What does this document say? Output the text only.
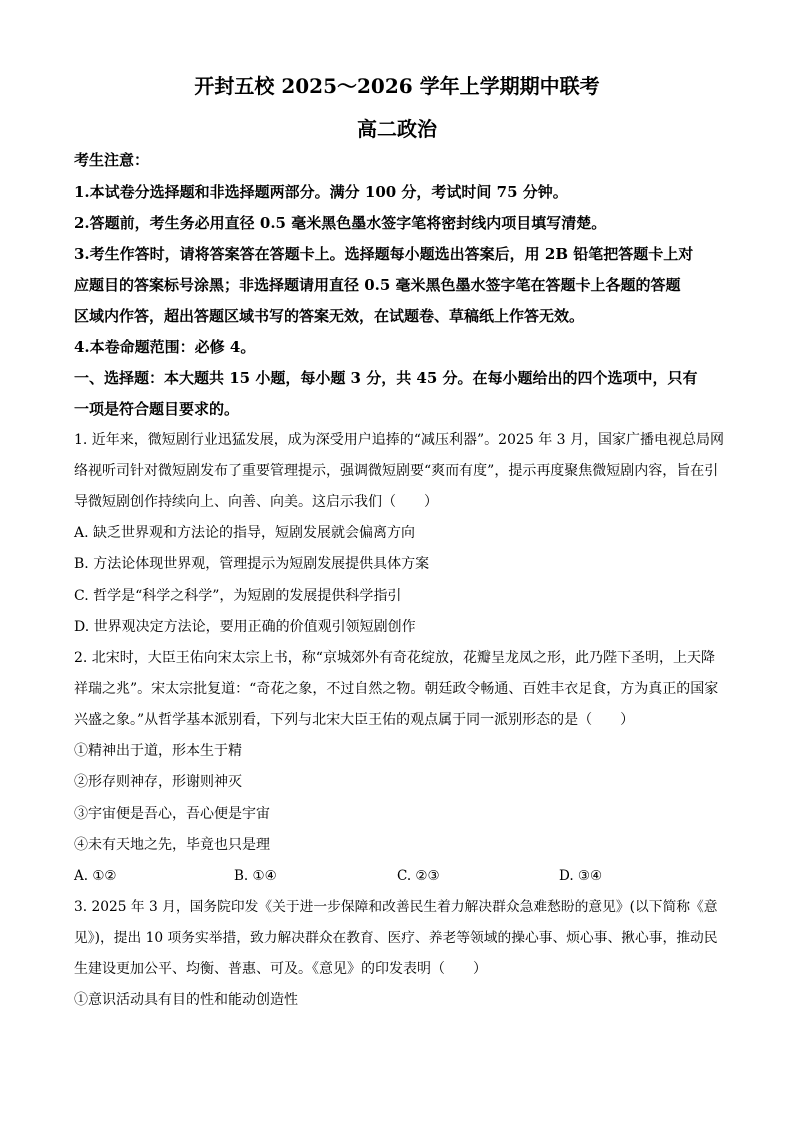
开封五校 2025～2026 学年上学期期中联考
高二政治
考生注意：
1.本试卷分选择题和非选择题两部分。满分 100 分，考试时间 75 分钟。
2.答题前，考生务必用直径 0.5 毫米黑色墨水签字笔将密封线内项目填写清楚。
3.考生作答时，请将答案答在答题卡上。选择题每小题选出答案后，用 2B 铅笔把答题卡上对
应题目的答案标号涂黑；非选择题请用直径 0.5 毫米黑色墨水签字笔在答题卡上各题的答题
区域内作答，超出答题区域书写的答案无效，在试题卷、草稿纸上作答无效。
4.本卷命题范围：必修 4。
一、选择题：本大题共 15 小题，每小题 3 分，共 45 分。在每小题给出的四个选项中，只有
一项是符合题目要求的。
1. 近年来，微短剧行业迅猛发展，成为深受用户追捧的“减压利器”。2025 年 3 月，国家广播电视总局网
络视听司针对微短剧发布了重要管理提示，强调微短剧要“爽而有度”，提示再度聚焦微短剧内容，旨在引
导微短剧创作持续向上、向善、向美。这启示我们（　　）
A. 缺乏世界观和方法论的指导，短剧发展就会偏离方向
B. 方法论体现世界观，管理提示为短剧发展提供具体方案
C. 哲学是“科学之科学”，为短剧的发展提供科学指引
D. 世界观决定方法论，要用正确的价值观引领短剧创作
2. 北宋时，大臣王佑向宋太宗上书，称“京城郊外有奇花绽放，花瓣呈龙凤之形，此乃陛下圣明，上天降
祥瑞之兆”。宋太宗批复道：“奇花之象，不过自然之物。朝廷政令畅通、百姓丰衣足食，方为真正的国家
兴盛之象。”从哲学基本派别看，下列与北宋大臣王佑的观点属于同一派别形态的是（　　）
①精神出于道，形本生于精
②形存则神存，形谢则神灭
③宇宙便是吾心，吾心便是宇宙
④未有天地之先，毕竟也只是理
A. ①②	B. ①④	C. ②③	D. ③④
3. 2025 年 3 月，国务院印发《关于进一步保障和改善民生着力解决群众急难愁盼的意见》(以下简称《意
见》)，提出 10 项务实举措，致力解决群众在教育、医疗、养老等领域的操心事、烦心事、揪心事，推动民
生建设更加公平、均衡、普惠、可及。《意见》的印发表明（　　）
①意识活动具有目的性和能动创造性
